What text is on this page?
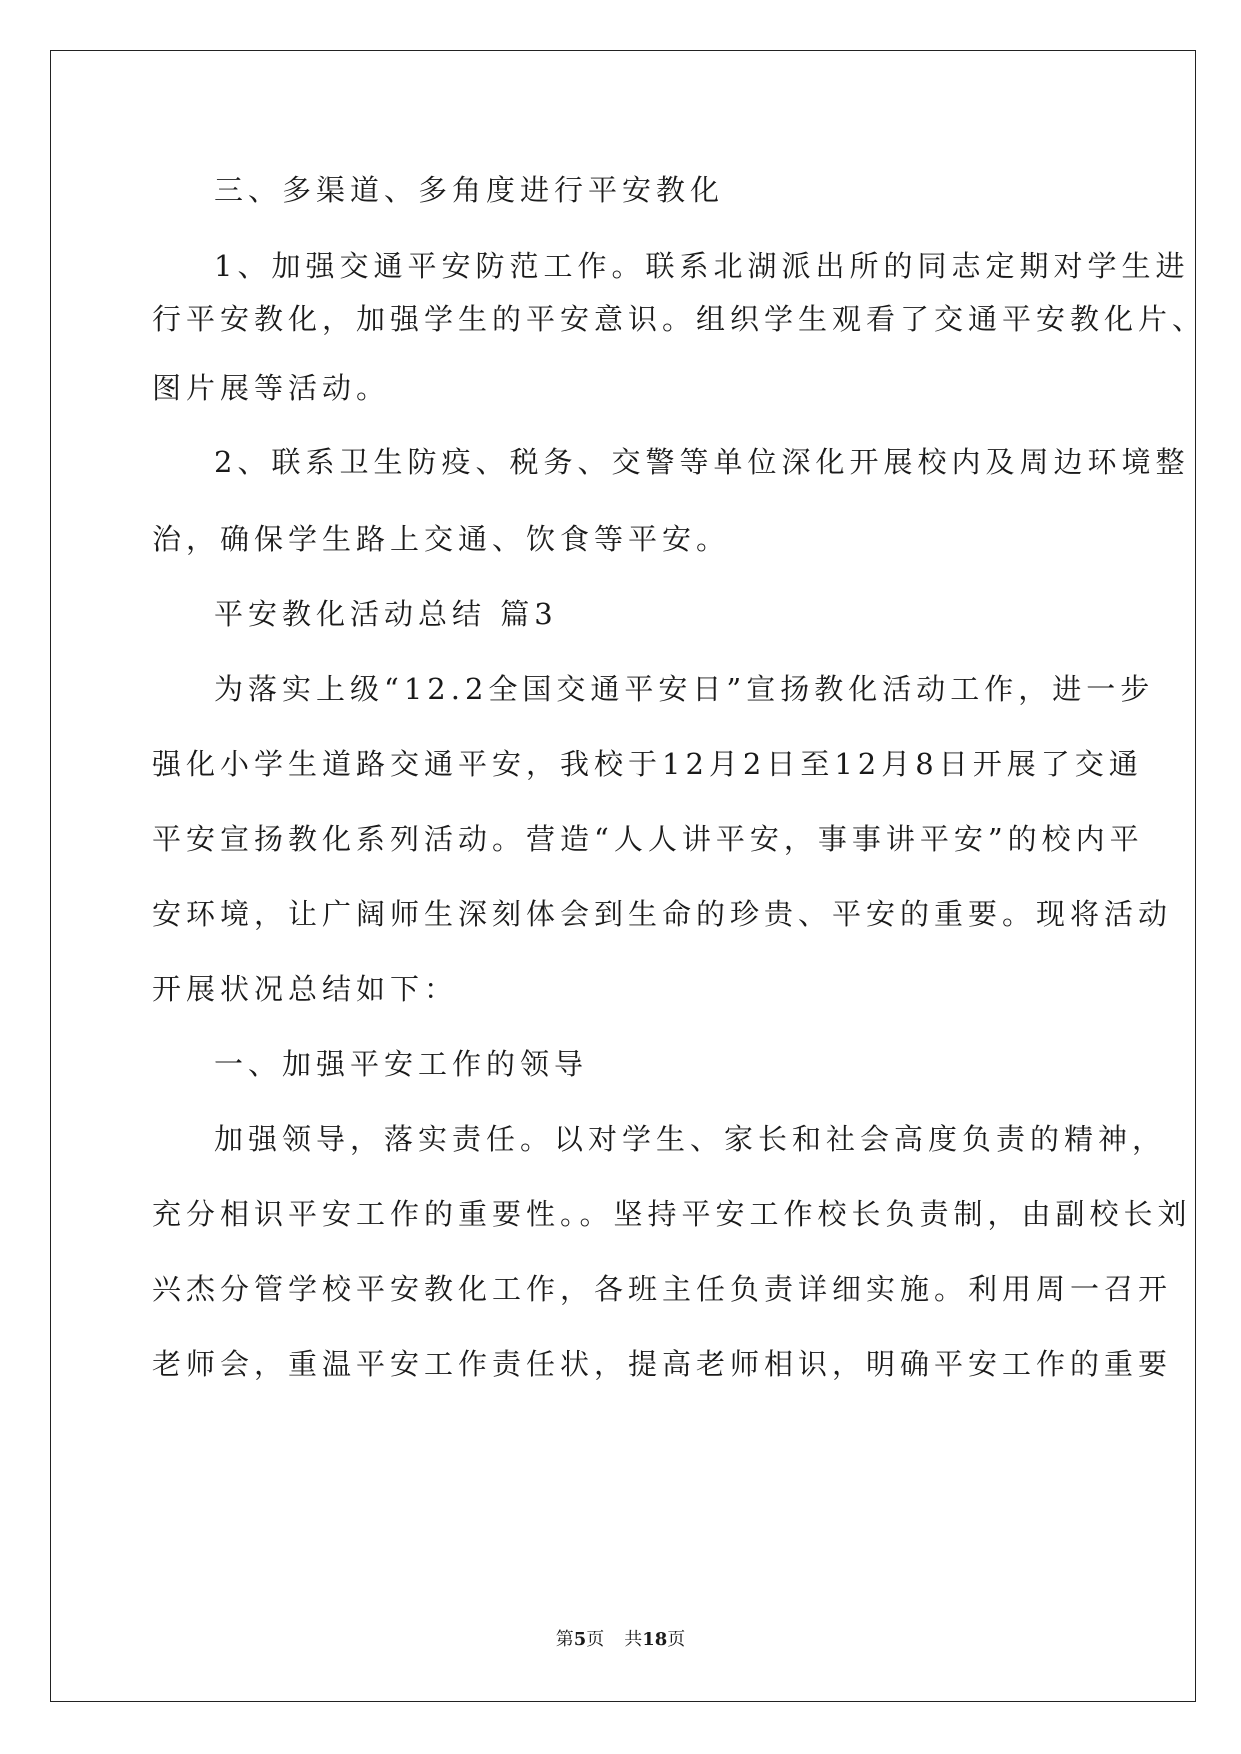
三、多渠道、多角度进行平安教化
1、加强交通平安防范工作。联系北湖派出所的同志定期对学生进
行平安教化，加强学生的平安意识。组织学生观看了交通平安教化片、
图片展等活动。
2、联系卫生防疫、税务、交警等单位深化开展校内及周边环境整
治，确保学生路上交通、饮食等平安。
平安教化活动总结 篇3
为落实上级“12.2全国交通平安日”宣扬教化活动工作，进一步
强化小学生道路交通平安，我校于12月2日至12月8日开展了交通
平安宣扬教化系列活动。营造“人人讲平安，事事讲平安”的校内平
安环境，让广阔师生深刻体会到生命的珍贵、平安的重要。现将活动
开展状况总结如下：
一、加强平安工作的领导
加强领导，落实责任。以对学生、家长和社会高度负责的精神，
充分相识平安工作的重要性。。坚持平安工作校长负责制，由副校长刘
兴杰分管学校平安教化工作，各班主任负责详细实施。利用周一召开
老师会，重温平安工作责任状，提高老师相识，明确平安工作的重要
第5页 共18页
